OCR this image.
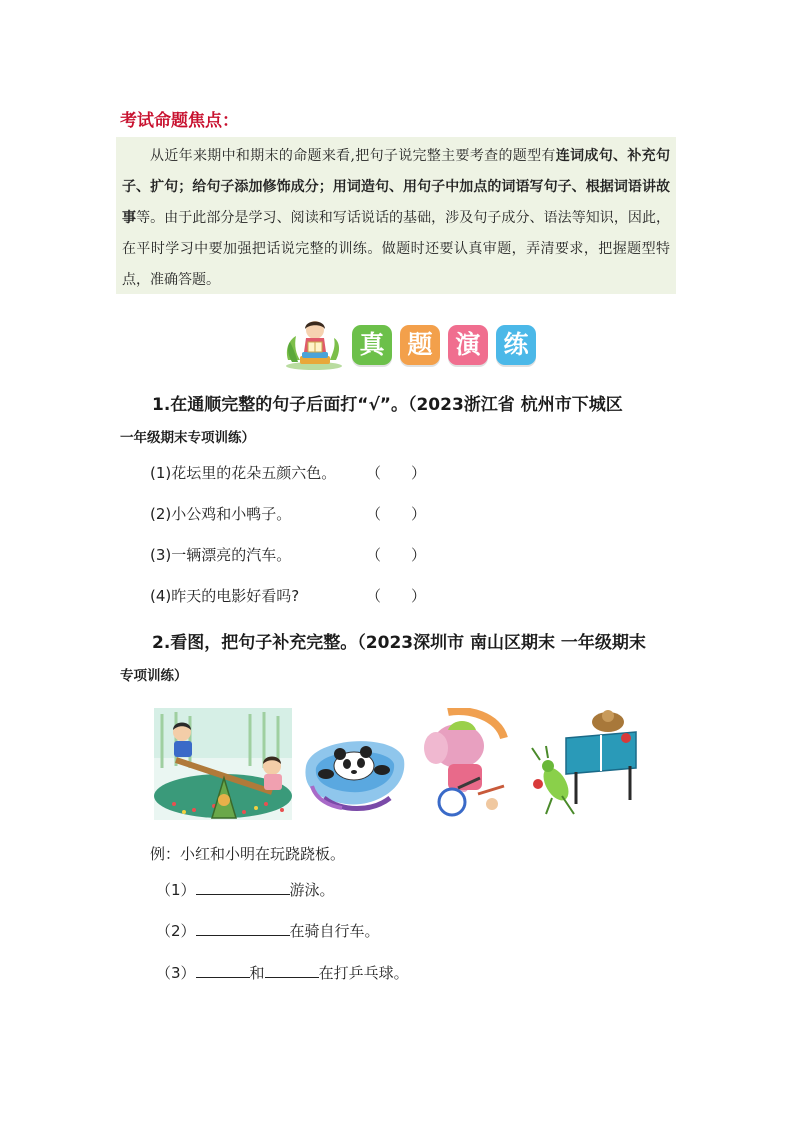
考试命题焦点：

从近年来期中和期末的命题来看,把句子说完整主要考查的题型有连词成句、补充句子、扩句；给句子添加修饰成分；用词造句、用句子中加点的词语写句子、根据词语讲故事等。由于此部分是学习、阅读和写话说话的基础，涉及句子成分、语法等知识，因此，在平时学习中要加强把话说完整的训练。做题时还要认真审题，弄清要求，把握题型特点，准确答题。

真 题 演 练
1.在通顺完整的句子后面打“√”。（2023浙江省 杭州市下城区
一年级期末专项训练）
(1)花坛里的花朵五颜六色。 （　　）
(2)小公鸡和小鸭子。	（　　）
(3)一辆漂亮的汽车。	（　　）
(4)昨天的电影好看吗?	（　　）
2.看图，把句子补充完整。（2023深圳市 南山区期末 一年级期末
专项训练）
例：小红和小明在玩跷跷板。
（1）	游泳。
（2）	在骑自行车。
（3）	和	在打乒乓球。
